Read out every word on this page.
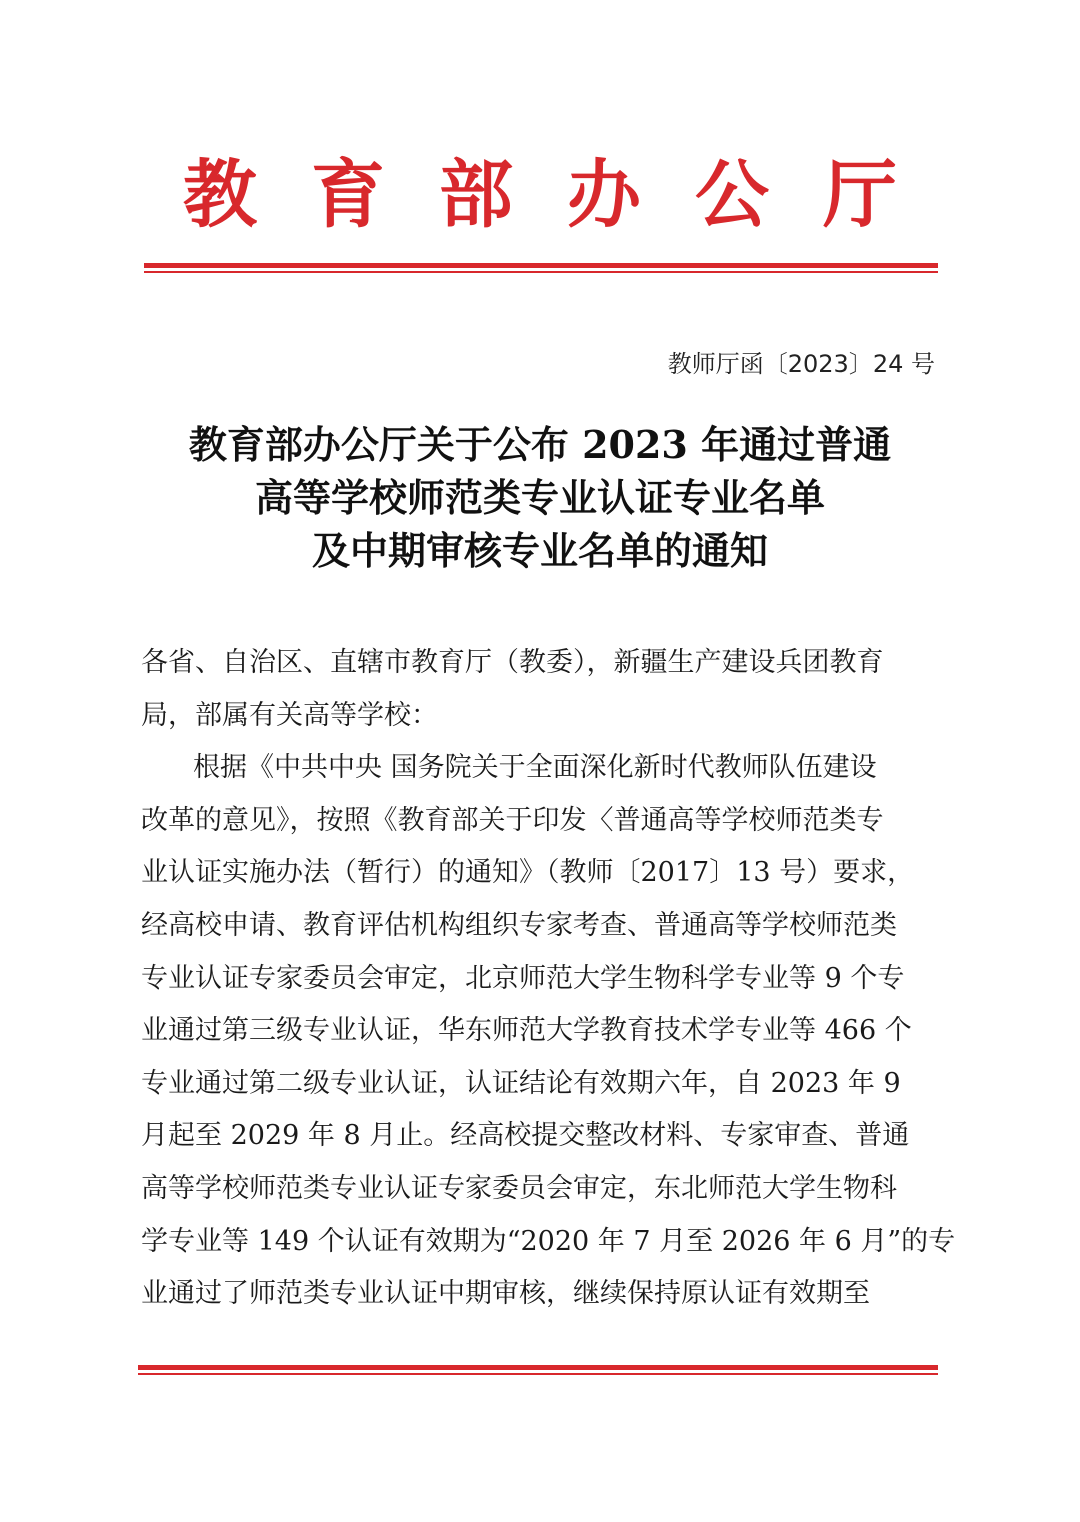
教育部办公厅
教师厅函〔2023〕24 号
教育部办公厅关于公布 2023 年通过普通
高等学校师范类专业认证专业名单
及中期审核专业名单的通知
各省、自治区、直辖市教育厅（教委），新疆生产建设兵团教育
局，部属有关高等学校：
根据《中共中央 国务院关于全面深化新时代教师队伍建设
改革的意见》，按照《教育部关于印发〈普通高等学校师范类专
业认证实施办法（暂行）的通知》（教师〔2017〕13 号）要求，
经高校申请、教育评估机构组织专家考查、普通高等学校师范类
专业认证专家委员会审定，北京师范大学生物科学专业等 9 个专
业通过第三级专业认证，华东师范大学教育技术学专业等 466 个
专业通过第二级专业认证，认证结论有效期六年，自 2023 年 9
月起至 2029 年 8 月止。经高校提交整改材料、专家审查、普通
高等学校师范类专业认证专家委员会审定，东北师范大学生物科
学专业等 149 个认证有效期为“2020 年 7 月至 2026 年 6 月”的专
业通过了师范类专业认证中期审核，继续保持原认证有效期至
